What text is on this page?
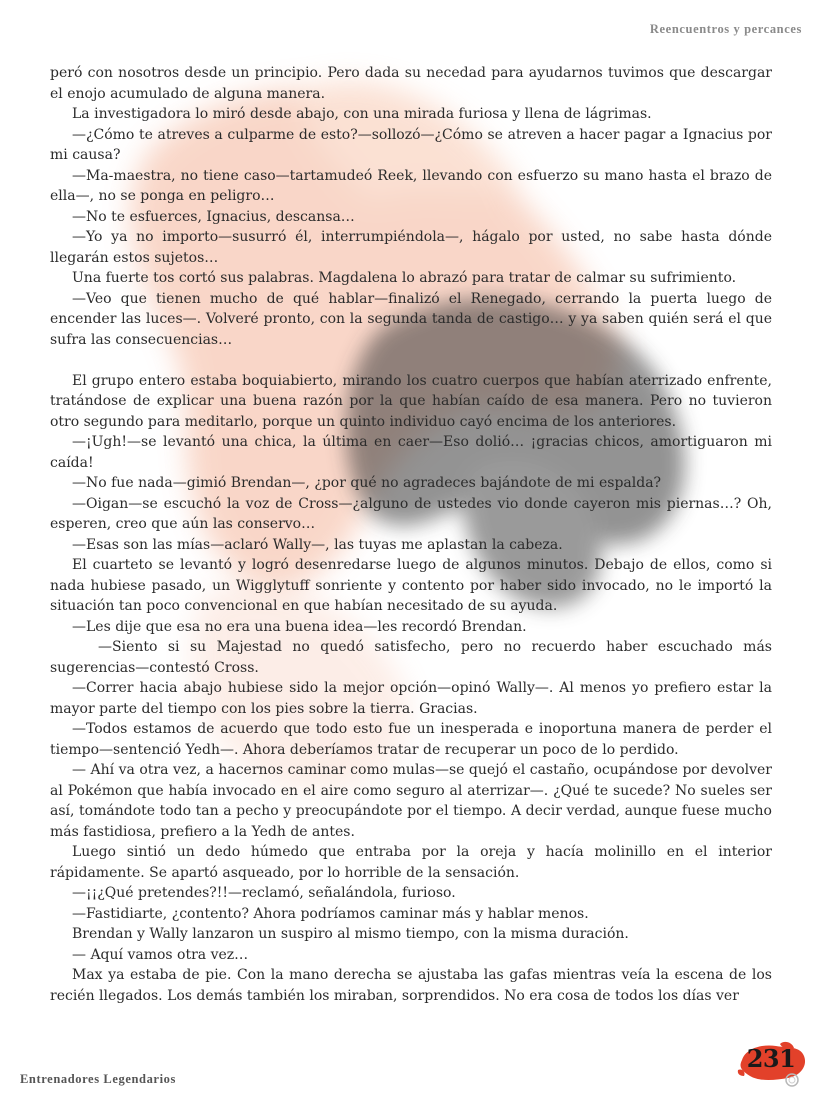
Reencuentros y percances

peró con nosotros desde un principio. Pero dada su necedad para ayudarnos tuvimos que descargar el enojo acumulado de alguna manera.

La investigadora lo miró desde abajo, con una mirada furiosa y llena de lágrimas.

—¿Cómo te atreves a culparme de esto?—sollozó—¿Cómo se atreven a hacer pagar a Ignacius por mi causa?

—Ma-maestra, no tiene caso—tartamudeó Reek, llevando con esfuerzo su mano hasta el brazo de ella—, no se ponga en peligro…

—No te esfuerces, Ignacius, descansa…

—Yo ya no importo—susurró él, interrumpiéndola—, hágalo por usted, no sabe hasta dónde llegarán estos sujetos…

Una fuerte tos cortó sus palabras. Magdalena lo abrazó para tratar de calmar su sufrimiento.

—Veo que tienen mucho de qué hablar—finalizó el Renegado, cerrando la puerta luego de encender las luces—. Volveré pronto, con la segunda tanda de castigo… y ya saben quién será el que sufra las consecuencias…

El grupo entero estaba boquiabierto, mirando los cuatro cuerpos que habían aterrizado enfrente, tratándose de explicar una buena razón por la que habían caído de esa manera. Pero no tuvieron otro segundo para meditarlo, porque un quinto individuo cayó encima de los anteriores.

—¡Ugh!—se levantó una chica, la última en caer—Eso dolió… ¡gracias chicos, amortiguaron mi caída!

—No fue nada—gimió Brendan—, ¿por qué no agradeces bajándote de mi espalda?

—Oigan—se escuchó la voz de Cross—¿alguno de ustedes vio donde cayeron mis piernas…? Oh, esperen, creo que aún las conservo…

—Esas son las mías—aclaró Wally—, las tuyas me aplastan la cabeza.

El cuarteto se levantó y logró desenredarse luego de algunos minutos. Debajo de ellos, como si nada hubiese pasado, un Wigglytuff sonriente y contento por haber sido invocado, no le importó la situación tan poco convencional en que habían necesitado de su ayuda.

—Les dije que esa no era una buena idea—les recordó Brendan.

—Siento si su Majestad no quedó satisfecho, pero no recuerdo haber escuchado más sugerencias—contestó Cross.

—Correr hacia abajo hubiese sido la mejor opción—opinó Wally—. Al menos yo prefiero estar la mayor parte del tiempo con los pies sobre la tierra. Gracias.

—Todos estamos de acuerdo que todo esto fue un inesperada e inoportuna manera de perder el tiempo—sentenció Yedh—. Ahora deberíamos tratar de recuperar un poco de lo perdido.

— Ahí va otra vez, a hacernos caminar como mulas—se quejó el castaño, ocupándose por devolver al Pokémon que había invocado en el aire como seguro al aterrizar—. ¿Qué te sucede? No sueles ser así, tomándote todo tan a pecho y preocupándote por el tiempo. A decir verdad, aunque fuese mucho más fastidiosa, prefiero a la Yedh de antes.

Luego sintió un dedo húmedo que entraba por la oreja y hacía molinillo en el interior rápidamente. Se apartó asqueado, por lo horrible de la sensación.

—¡¡¿Qué pretendes?!!—reclamó, señalándola, furioso.

—Fastidiarte, ¿contento? Ahora podríamos caminar más y hablar menos.

Brendan y Wally lanzaron un suspiro al mismo tiempo, con la misma duración.

— Aquí vamos otra vez…

Max ya estaba de pie. Con la mano derecha se ajustaba las gafas mientras veía la escena de los recién llegados. Los demás también los miraban, sorprendidos. No era cosa de todos los días ver

Entrenadores Legendarios
231
